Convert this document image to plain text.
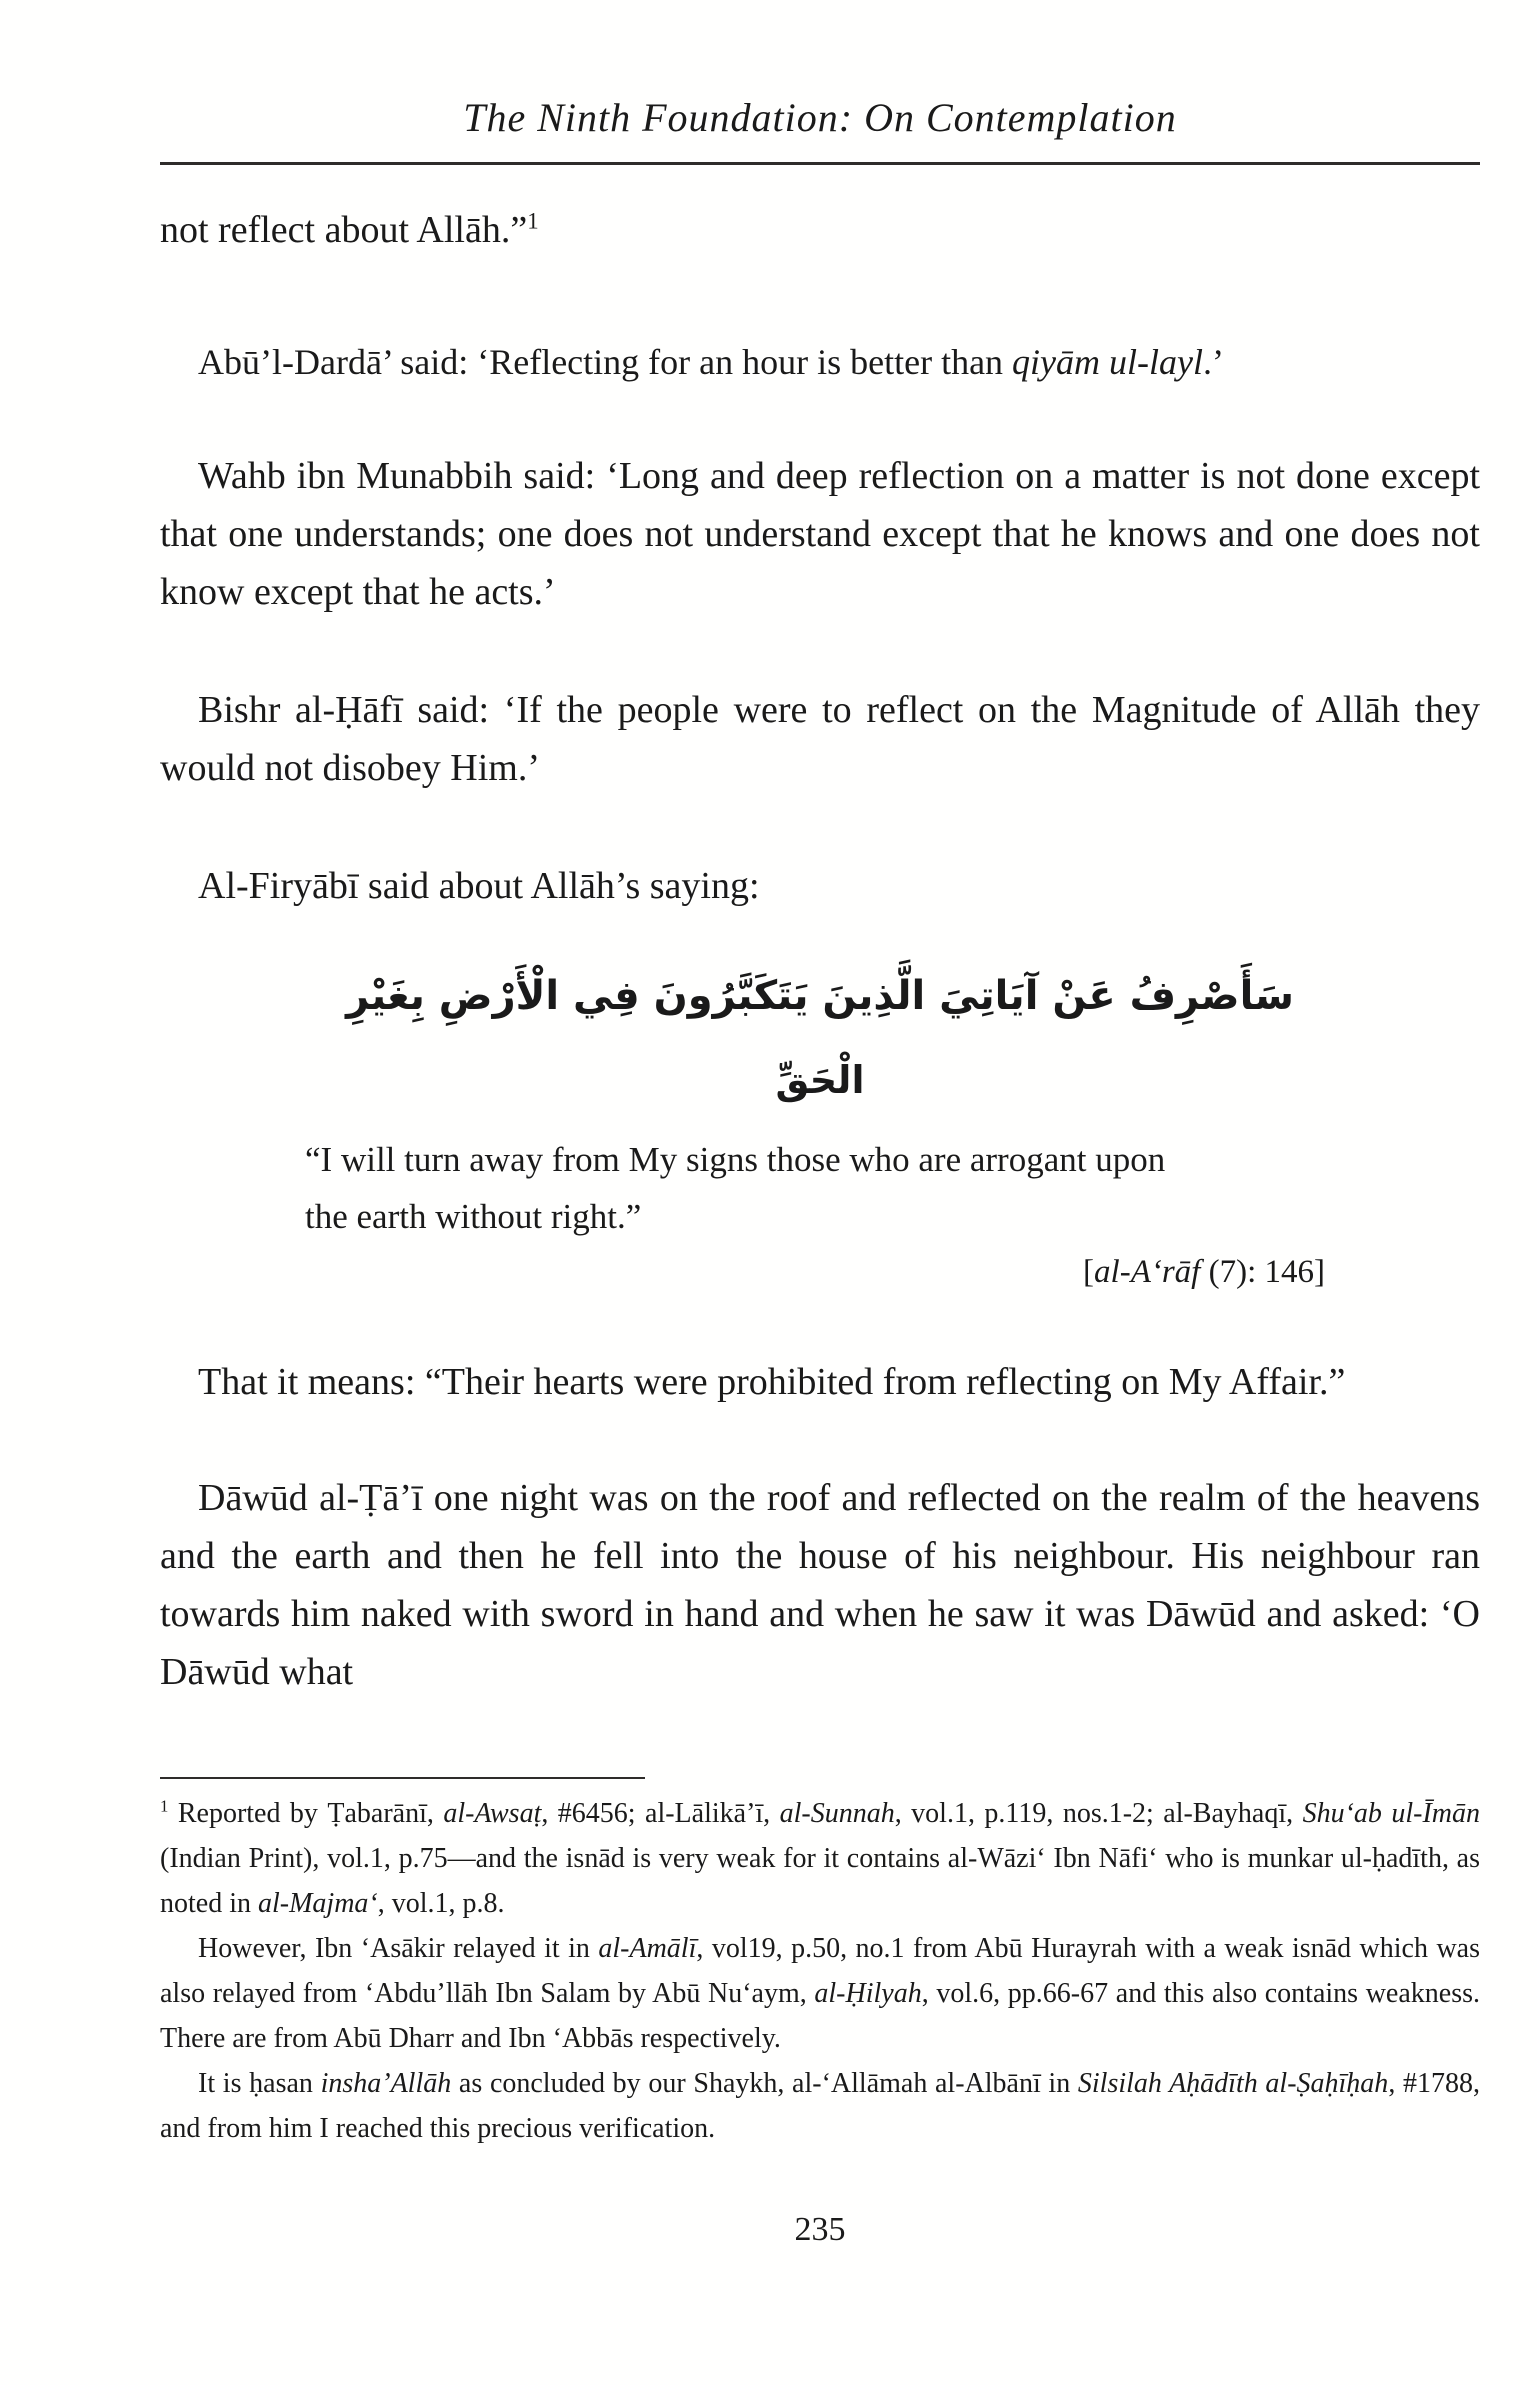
The Ninth Foundation: On Contemplation

not reflect about Allāh.”$^1$

Abū’l-Dardā’ said: ‘Reflecting for an hour is better than qiyām ul-layl.’

Wahb ibn Munabbih said: ‘Long and deep reflection on a matter is not done except that one understands; one does not understand except that he knows and one does not know except that he acts.’

Bishr al-Ḥāfī said: ‘If the people were to reflect on the Magnitude of Allāh they would not disobey Him.’

Al-Firyābī said about Allāh’s saying:

سَأَصْرِفُ عَنْ آيَاتِيَ الَّذِينَ يَتَكَبَّرُونَ فِي الْأَرْضِ بِغَيْرِ
الْحَقِّ
“I will turn away from My signs those who are arrogant upon
the earth without right.”
[al-A‘rāf (7): 146]

That it means: “Their hearts were prohibited from reflecting on My Affair.”

Dāwūd al-Ṭā’ī one night was on the roof and reflected on the realm of the heavens and the earth and then he fell into the house of his neighbour. His neighbour ran towards him naked with sword in hand and when he saw it was Dāwūd and asked: ‘O Dāwūd what

$^1$ Reported by Ṭabarānī, al-Awsaṭ, #6456; al-Lālikā’ī, al-Sunnah, vol.1, p.119, nos.1-2; al-Bayhaqī, Shu‘ab ul-Īmān (Indian Print), vol.1, p.75—and the isnād is very weak for it contains al-Wāzi‘ Ibn Nāfi‘ who is munkar ul-ḥadīth, as noted in al-Majma‘, vol.1, p.8.

However, Ibn ‘Asākir relayed it in al-Amālī, vol19, p.50, no.1 from Abū Hurayrah with a weak isnād which was also relayed from ‘Abdu’llāh Ibn Salam by Abū Nu‘aym, al-Ḥilyah, vol.6, pp.66-67 and this also contains weakness. There are from Abū Dharr and Ibn ‘Abbās respectively.

It is ḥasan insha’Allāh as concluded by our Shaykh, al-‘Allāmah al-Albānī in Silsilah Aḥādīth al-Ṣaḥīḥah, #1788, and from him I reached this precious verification.

235
